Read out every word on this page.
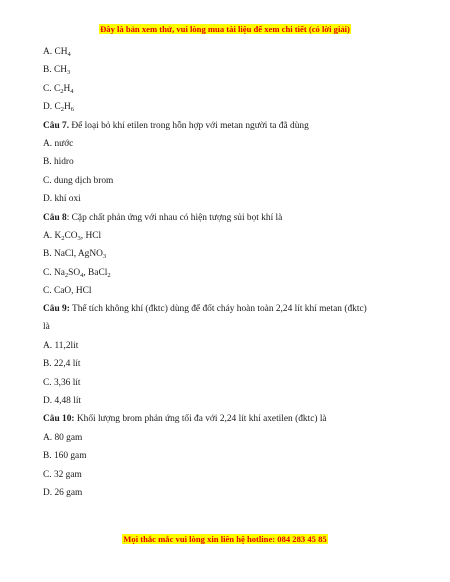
Đây là bản xem thử, vui lòng mua tài liệu để xem chi tiết (có lời giải)
A. $CH_4$
B. $CH_3$
C. $C_2H_4$
D. $C_2H_6$
Câu 7. Để loại bỏ khí etilen trong hỗn hợp với metan người ta đã dùng
A. nước
B. hidro
C. dung dịch brom
D. khí oxi
Câu 8: Cặp chất phản ứng với nhau có hiện tượng sủi bọt khí là
A. $K_2CO_3$, HCl
B. NaCl, AgNO$_3$
C. $Na_2SO_4$, BaCl$_2$
C. CaO, HCl
Câu 9: Thể tích không khí (đktc) dùng để đốt cháy hoàn toàn 2,24 lít khí metan (đktc)
là
A. 11,2lit
B. 22,4 lít
C. 3,36 lít
D. 4,48 lít
Câu 10: Khối lượng brom phản ứng tối đa với 2,24 lít khí axetilen (đktc) là
A. 80 gam
B. 160 gam
C. 32 gam
D. 26 gam
Mọi thắc mắc vui lòng xin liên hệ hotline: 084 283 45 85
